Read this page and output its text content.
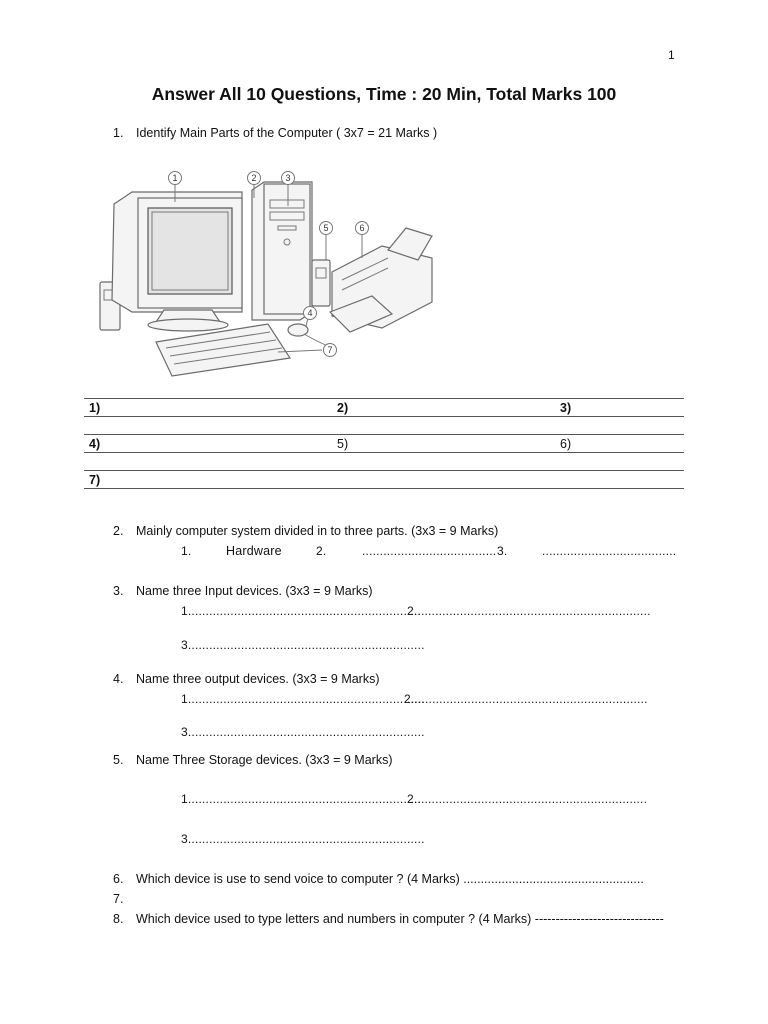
1
Answer All 10 Questions, Time : 20 Min, Total Marks 100
1. Identify Main Parts of the Computer ( 3x7 = 21 Marks )
1	2	3
4
5	6
7
1)	2)	3)
4)	5)	6)
7)
2. Mainly computer system divided in to three parts. (3x3 = 9 Marks)
1.	Hardware	2.	...................................... 3.	......................................
3. Name three Input devices. (3x3 = 9 Marks)
1..................................................................
2...................................................................
3...................................................................
4. Name three output devices. (3x3 = 9 Marks)
1...................................................................
2...................................................................
3...................................................................
5. Name Three Storage devices. (3x3 = 9 Marks)
1..................................................................
2..................................................................
3...................................................................
6. Which device is use to send voice to computer ? (4 Marks) ....................................................
7.
8. Which device used to type letters and numbers in computer ? (4 Marks) -------------------------------
